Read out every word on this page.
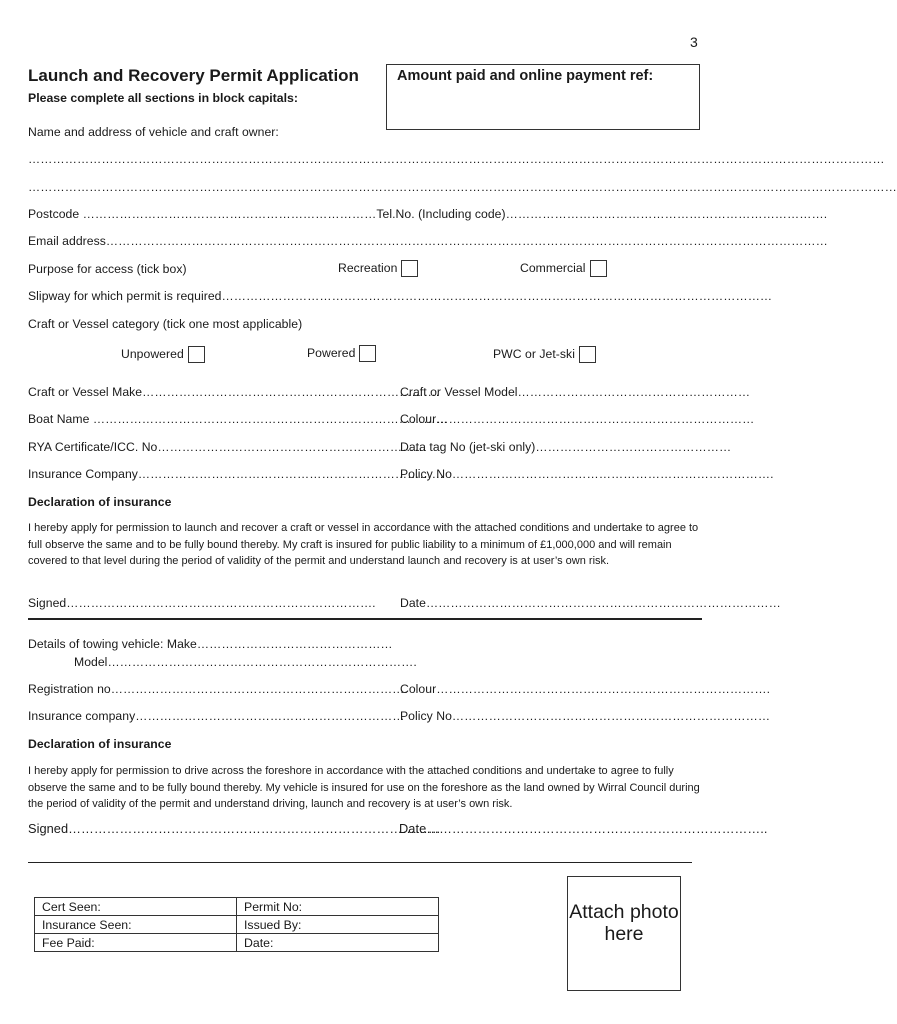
3
Launch and Recovery Permit Application
Please complete all sections in block capitals:
Amount paid and online payment ref:
Name and address of vehicle and craft owner:
…………………………………………………………………………………………………………………………………………………………………………………………
……………………………………………………………………………………………………………………………………………………………………………………………
Postcode ………………………………………………………………Tel.No. (Including code)…………………………………………………………………….
Email address……………………………………………………………………………………………………………………………………………………………
Purpose for access (tick box)	Recreation	Commercial
Slipway for which permit is required………………………………………………………………………………………………………………………
Craft or Vessel category (tick one most applicable)
Unpowered	Powered	PWC or Jet-ski
Craft or Vessel Make……………………………………………………………….
Craft or Vessel Model…………………………………………………
Boat Name ……………………………………………………………………………
Colour……………………………………………………………………
RYA Certificate/ICC. No…………………………………………………………
Data tag No (jet-ski only)…………………………………………
Insurance Company…………………………………………………………………
Policy No…………………………………………………………………….
Declaration of insurance
I hereby apply for permission to launch and recover a craft or vessel in accordance with the attached conditions and undertake to agree to full observe the same and to be fully bound thereby. My craft is insured for public liability to a minimum of £1,000,000 and will remain covered to that level during the period of validity of the permit and understand launch and recovery is at user’s own risk.
Signed…………………………………………………………………. Date……………………………………………………………………………
Details of towing vehicle: Make…………………………………………
Model………………………………………………………………….
Registration no……………………………………………………………….
Colour……………………………………………………………………….
Insurance company…………………………………………………………
Policy No……………………………………………………………………
Declaration of insurance
I hereby apply for permission to drive across the foreshore in accordance with the attached conditions and undertake to agree to fully observe the same and to be fully bound thereby. My vehicle is insured for use on the foreshore as the land owned by Wirral Council during the period of validity of the permit and understand driving, launch and recovery is at user’s own risk.
Signed……………………………………………………………………………
Date……………………………………………………………………..
Cert Seen:	Permit No:
Insurance Seen:	Issued By:
Fee Paid:	Date:
Attach photo here
